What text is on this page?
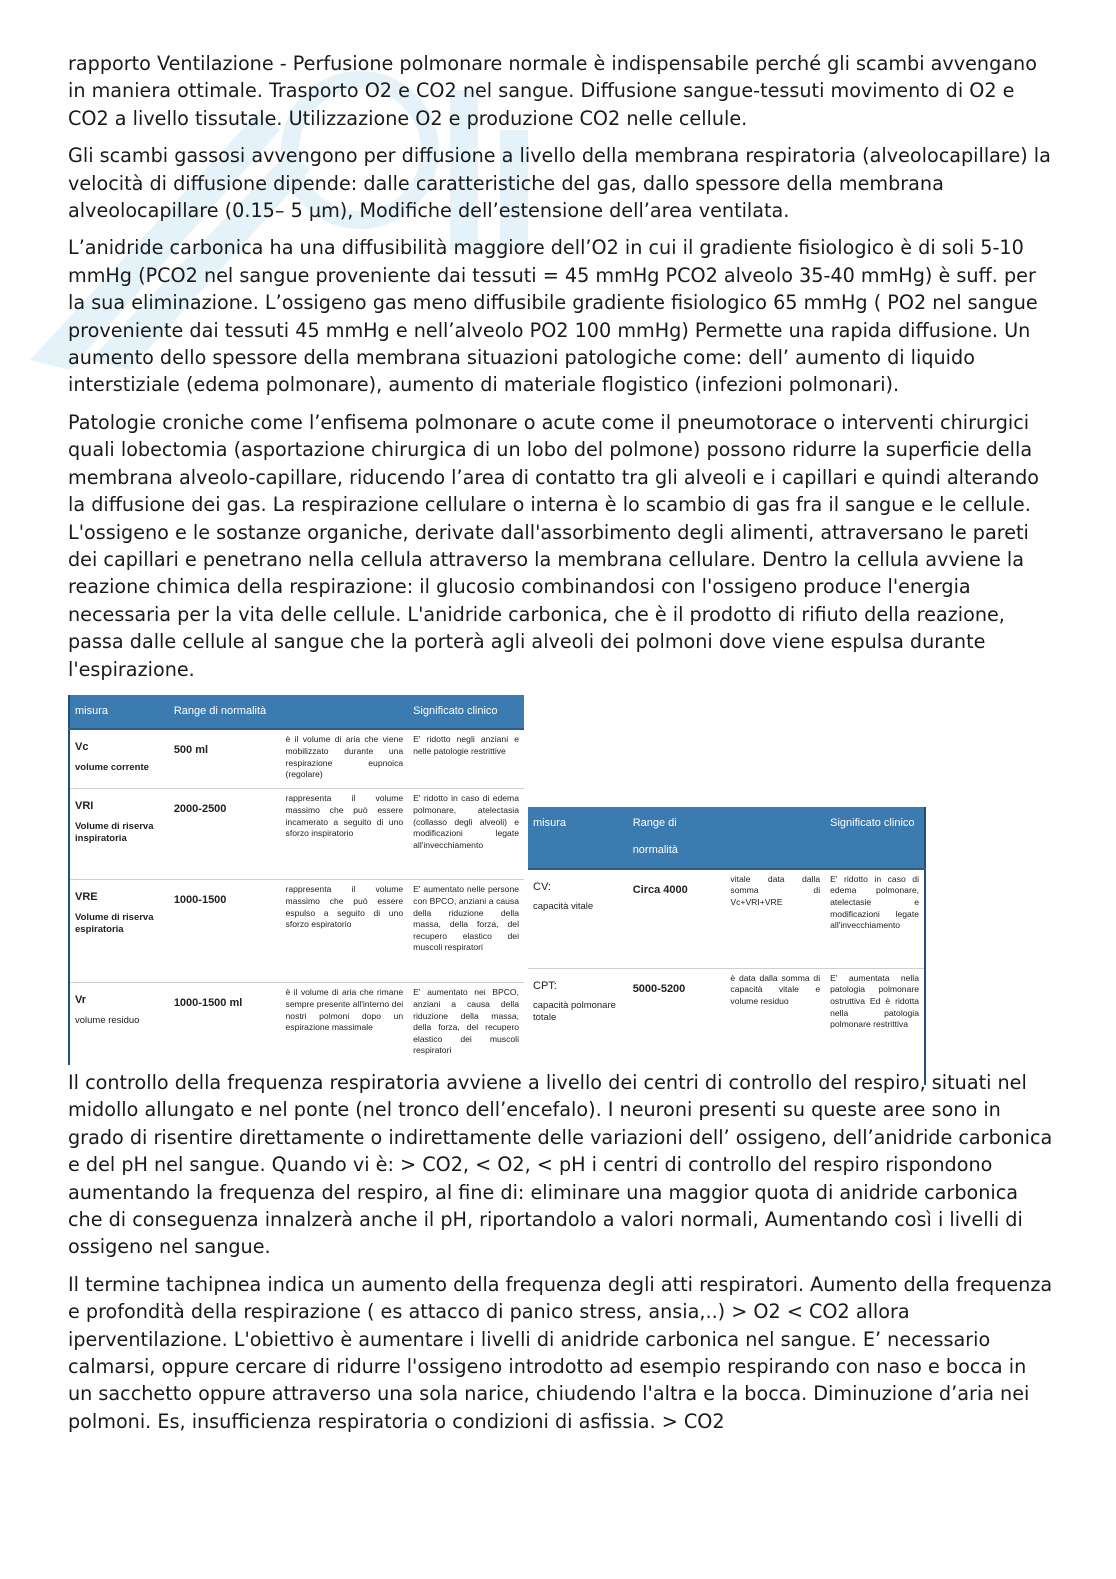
rapporto Ventilazione - Perfusione polmonare normale è indispensabile perché gli scambi avvengano in maniera ottimale. Trasporto O2 e CO2 nel sangue. Diffusione sangue-tessuti movimento di O2 e CO2 a livello tissutale. Utilizzazione O2 e produzione CO2 nelle cellule.

Gli scambi gassosi avvengono per diffusione a livello della membrana respiratoria (alveolocapillare) la velocità di diffusione dipende: dalle caratteristiche del gas, dallo spessore della membrana alveolocapillare (0.15– 5 µm), Modifiche dell’estensione dell’area ventilata.

L’anidride carbonica ha una diffusibilità maggiore dell’O2 in cui il gradiente fisiologico è di soli 5-10 mmHg (PCO2 nel sangue proveniente dai tessuti = 45 mmHg PCO2 alveolo 35-40 mmHg) è suff. per la sua eliminazione. L’ossigeno gas meno diffusibile gradiente fisiologico 65 mmHg ( PO2 nel sangue proveniente dai tessuti 45 mmHg e nell’alveolo PO2 100 mmHg) Permette una rapida diffusione. Un aumento dello spessore della membrana situazioni patologiche come: dell’ aumento di liquido interstiziale (edema polmonare), aumento di materiale flogistico (infezioni polmonari).

Patologie croniche come l’enfisema polmonare o acute come il pneumotorace o interventi chirurgici quali lobectomia (asportazione chirurgica di un lobo del polmone) possono ridurre la superficie della membrana alveolo-capillare, riducendo l’area di contatto tra gli alveoli e i capillari e quindi alterando la diffusione dei gas. La respirazione cellulare o interna è lo scambio di gas fra il sangue e le cellule. L'ossigeno e le sostanze organiche, derivate dall'assorbimento degli alimenti, attraversano le pareti dei capillari e penetrano nella cellula attraverso la membrana cellulare. Dentro la cellula avviene la reazione chimica della respirazione: il glucosio combinandosi con l'ossigeno produce l'energia necessaria per la vita delle cellule. L'anidride carbonica, che è il prodotto di rifiuto della reazione, passa dalle cellule al sangue che la porterà agli alveoli dei polmoni dove viene espulsa durante l'espirazione.

misura	Range di normalità		Significato clinico

Vc
volume corrente	500 ml	è il volume di aria che viene mobilizzato durante una respirazione eupnoica (regolare)	E' ridotto negli anziani e nelle patologie restrittive

VRI
Volume di riserva inspiratoria	2000-2500	rappresenta il volume massimo che può essere incamerato a seguito di uno sforzo inspiratorio	E' ridotto in caso di edema polmonare, atelectasia (collasso degli alveoli) e modificazioni legate all'invecchiamento

VRE
Volume di riserva espiratoria	1000-1500	rappresenta il volume massimo che può essere espulso a seguito di uno sforzo espiratorio	E' aumentato nelle persone con BPCO, anziani a causa della riduzione della massa, della forza, del recupero elastico dei muscoli respiratori

Vr
volume residuo	1000-1500 ml	è il volume di aria che rimane sempre presente all'interno dei nostri polmoni dopo un espirazione massimale	E' aumentato nei BPCO, anziani a causa della riduzione della massa, della forza, del recupero elastico dei muscoli respiratori
misura	Range di normalità		Significato clinico

CV:
capacità vitale	Circa 4000	vitale data dalla somma di Vc+VRI+VRE	E' ridotto in caso di edema polmonare, atelectasie e modificazioni legate all'invecchiamento

CPT:
capacità polmonare totale	5000-5200	è data dalla somma di capacità vitale e volume residuo	E' aumentata nella patologia polmonare ostruttiva Ed è ridotta nella patologia polmonare restrittiva

Il controllo della frequenza respiratoria avviene a livello dei centri di controllo del respiro, situati nel midollo allungato e nel ponte (nel tronco dell’encefalo). I neuroni presenti su queste aree sono in grado di risentire direttamente o indirettamente delle variazioni dell’ ossigeno, dell’anidride carbonica e del pH nel sangue. Quando vi è: > CO2, < O2, < pH i centri di controllo del respiro rispondono aumentando la frequenza del respiro, al fine di: eliminare una maggior quota di anidride carbonica che di conseguenza innalzerà anche il pH, riportandolo a valori normali, Aumentando così i livelli di ossigeno nel sangue.

Il termine tachipnea indica un aumento della frequenza degli atti respiratori. Aumento della frequenza e profondità della respirazione ( es attacco di panico stress, ansia,..) > O2 < CO2 allora iperventilazione. L'obiettivo è aumentare i livelli di anidride carbonica nel sangue. E’ necessario calmarsi, oppure cercare di ridurre l'ossigeno introdotto ad esempio respirando con naso e bocca in un sacchetto oppure attraverso una sola narice, chiudendo l'altra e la bocca. Diminuzione d’aria nei polmoni. Es, insufficienza respiratoria o condizioni di asfissia. > CO2
